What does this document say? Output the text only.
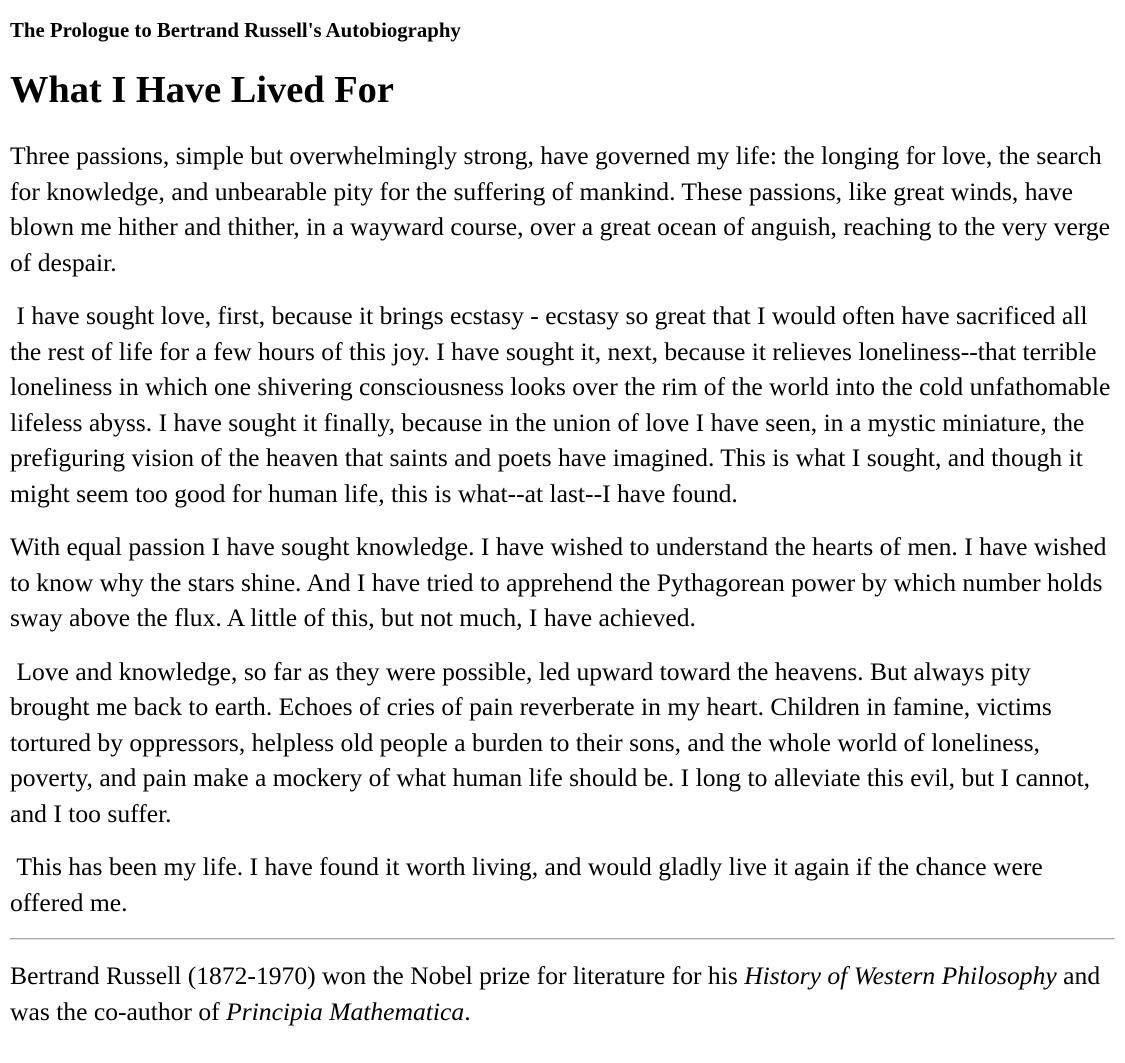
The Prologue to Bertrand Russell's Autobiography

What I Have Lived For

Three passions, simple but overwhelmingly strong, have governed my life: the longing for love, the search for knowledge, and unbearable pity for the suffering of mankind. These passions, like great winds, have blown me hither and thither, in a wayward course, over a great ocean of anguish, reaching to the very verge of despair.

I have sought love, first, because it brings ecstasy - ecstasy so great that I would often have sacrificed all the rest of life for a few hours of this joy. I have sought it, next, because it relieves loneliness--that terrible loneliness in which one shivering consciousness looks over the rim of the world into the cold unfathomable lifeless abyss. I have sought it finally, because in the union of love I have seen, in a mystic miniature, the prefiguring vision of the heaven that saints and poets have imagined. This is what I sought, and though it might seem too good for human life, this is what--at last--I have found.

With equal passion I have sought knowledge. I have wished to understand the hearts of men. I have wished to know why the stars shine. And I have tried to apprehend the Pythagorean power by which number holds sway above the flux. A little of this, but not much, I have achieved.

Love and knowledge, so far as they were possible, led upward toward the heavens. But always pity brought me back to earth. Echoes of cries of pain reverberate in my heart. Children in famine, victims tortured by oppressors, helpless old people a burden to their sons, and the whole world of loneliness, poverty, and pain make a mockery of what human life should be. I long to alleviate this evil, but I cannot, and I too suffer.

This has been my life. I have found it worth living, and would gladly live it again if the chance were offered me.

Bertrand Russell (1872-1970) won the Nobel prize for literature for his History of Western Philosophy and was the co-author of Principia Mathematica.
